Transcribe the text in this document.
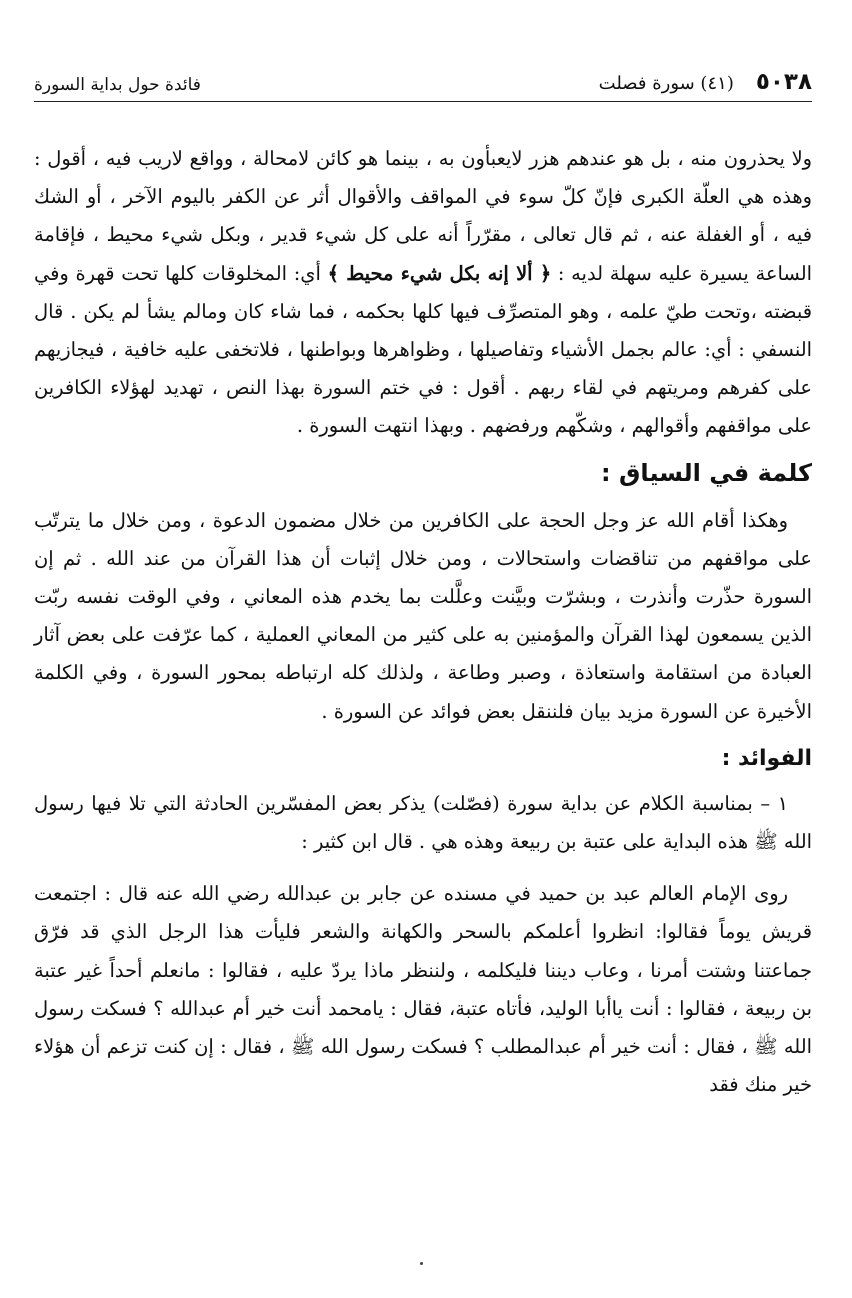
٥٠٣٨
(٤١) سورة فصلت
فائدة حول بداية السورة

ولا يحذرون منه ، بل هو عندهم هزر لايعبأون به ، بينما هو كائن لامحالة ، وواقع لاريب فيه ، أقول : وهذه هي العلّة الكبرى فإنّ كلّ سوء في المواقف والأقوال أثر عن الكفر باليوم الآخر ، أو الشك فيه ، أو الغفلة عنه ، ثم قال تعالى ، مقرّراً أنه على كل شيء قدير ، وبكل شيء محيط ، فإقامة الساعة يسيرة عليه سهلة لديه : ﴿ ألا إنه بكل شيء محيط ﴾ أي: المخلوقات كلها تحت قهرة وفي قبضته ،وتحت طيّ علمه ، وهو المتصرِّف فيها كلها بحكمه ، فما شاء كان ومالم يشأ لم يكن . قال النسفي : أي: عالم بجمل الأشياء وتفاصيلها ، وظواهرها وبواطنها ، فلاتخفى عليه خافية ، فيجازيهم على كفرهم ومريتهم في لقاء ربهم . أقول : في ختم السورة بهذا النص ، تهديد لهؤلاء الكافرين على مواقفهم وأقوالهم ، وشكّهم ورفضهم . وبهذا انتهت السورة .

كلمة في السياق :

وهكذا أقام الله عز وجل الحجة على الكافرين من خلال مضمون الدعوة ، ومن خلال ما يترتّب على مواقفهم من تناقضات واستحالات ، ومن خلال إثبات أن هذا القرآن من عند الله . ثم إن السورة حذّرت وأنذرت ، وبشرّت وبيَّنت وعلَّلت بما يخدم هذه المعاني ، وفي الوقت نفسه ربّت الذين يسمعون لهذا القرآن والمؤمنين به على كثير من المعاني العملية ، كما عرّفت على بعض آثار العبادة من استقامة واستعاذة ، وصبر وطاعة ، ولذلك كله ارتباطه بمحور السورة ، وفي الكلمة الأخيرة عن السورة مزيد بيان فلننقل بعض فوائد عن السورة .

الفوائد :

١ – بمناسبة الكلام عن بداية سورة (فصّلت) يذكر بعض المفسّرين الحادثة التي تلا فيها رسول الله ﷺ هذه البداية على عتبة بن ربيعة وهذه هي . قال ابن كثير :

روى الإمام العالم عبد بن حميد في مسنده عن جابر بن عبدالله رضي الله عنه قال : اجتمعت قريش يوماً فقالوا: انظروا أعلمكم بالسحر والكهانة والشعر فليأت هذا الرجل الذي قد فرّق جماعتنا وشتت أمرنا ، وعاب ديننا فليكلمه ، ولننظر ماذا يردّ عليه ، فقالوا : مانعلم أحداً غير عتبة بن ربيعة ، فقالوا : أنت ياأبا الوليد، فأتاه عتبة، فقال : يامحمد أنت خير أم عبدالله ؟ فسكت رسول الله ﷺ ، فقال : أنت خير أم عبدالمطلب ؟ فسكت رسول الله ﷺ ، فقال : إن كنت تزعم أن هؤلاء خير منك فقد
